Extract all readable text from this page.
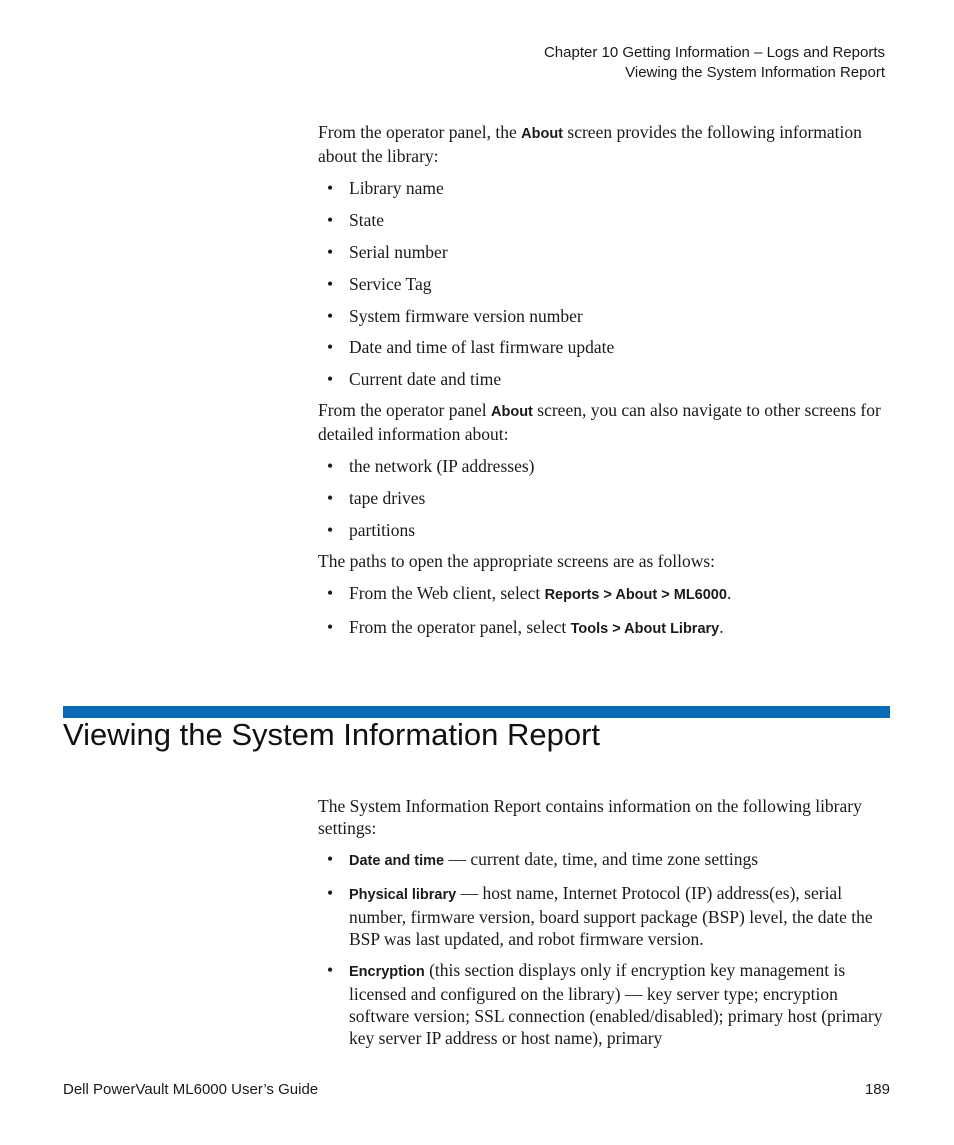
Chapter 10 Getting Information – Logs and Reports
Viewing the System Information Report

From the operator panel, the About screen provides the following information about the library:

• Library name
• State
• Serial number
• Service Tag
• System firmware version number
• Date and time of last firmware update
• Current date and time

From the operator panel About screen, you can also navigate to other screens for detailed information about:

• the network (IP addresses)
• tape drives
• partitions

The paths to open the appropriate screens are as follows:

• From the Web client, select Reports > About > ML6000.
• From the operator panel, select Tools > About Library.
Viewing the System Information Report

The System Information Report contains information on the following library settings:

• Date and time — current date, time, and time zone settings
• Physical library — host name, Internet Protocol (IP) address(es), serial number, firmware version, board support package (BSP) level, the date the BSP was last updated, and robot firmware version.
• Encryption (this section displays only if encryption key management is licensed and configured on the library) — key server type; encryption software version; SSL connection (enabled/disabled); primary host (primary key server IP address or host name), primary
Dell PowerVault ML6000 User’s Guide	189
